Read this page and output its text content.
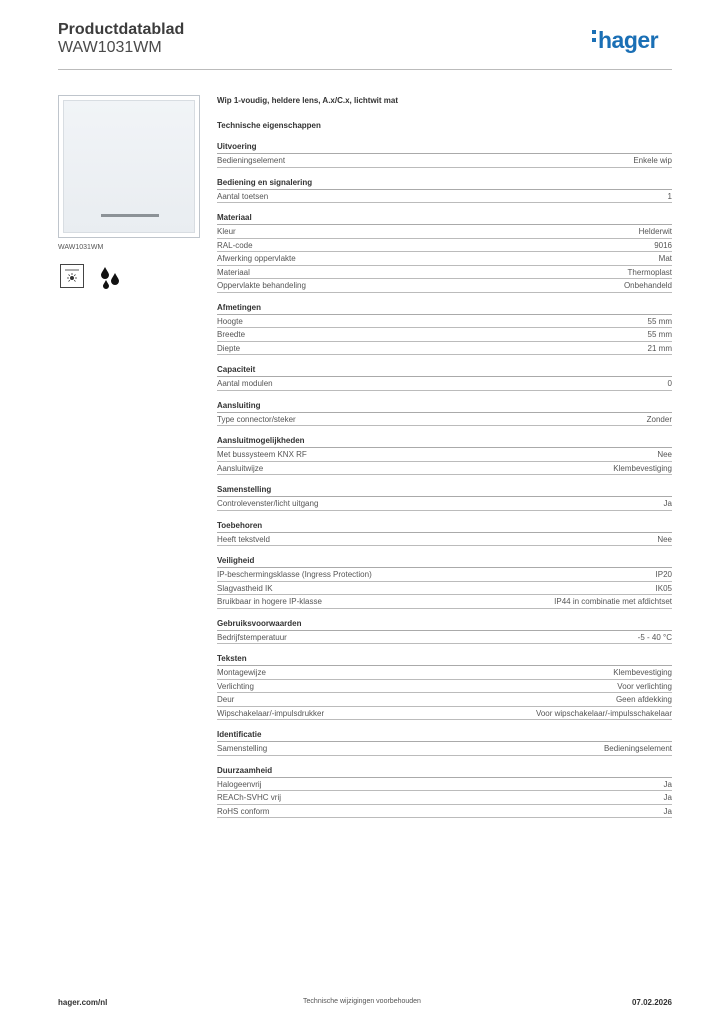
Productdatablad
WAW1031WM	hager
WAW1031WM
Wip 1-voudig, heldere lens, A.x/C.x, lichtwit mat
Technische eigenschappen
Uitvoering
Bedieningselement	Enkele wip
Bediening en signalering
Aantal toetsen	1
Materiaal
Kleur	Helderwit
RAL-code	9016
Afwerking oppervlakte	Mat
Materiaal	Thermoplast
Oppervlakte behandeling	Onbehandeld
Afmetingen
Hoogte	55 mm
Breedte	55 mm
Diepte	21 mm
Capaciteit
Aantal modulen	0
Aansluiting
Type connector/steker	Zonder
Aansluitmogelijkheden
Met bussysteem KNX RF	Nee
Aansluitwijze	Klembevestiging
Samenstelling
Controlevenster/licht uitgang	Ja
Toebehoren
Heeft tekstveld	Nee
Veiligheid
IP-beschermingsklasse (Ingress Protection)	IP20
Slagvastheid IK	IK05
Bruikbaar in hogere IP-klasse	IP44 in combinatie met afdichtset
Gebruiksvoorwaarden
Bedrijfstemperatuur	-5 - 40 °C
Teksten
Montagewijze	Klembevestiging
Verlichting	Voor verlichting
Deur	Geen afdekking
Wipschakelaar/-impulsdrukker	Voor wipschakelaar/-impulsschakelaar
Identificatie
Samenstelling	Bedieningselement
Duurzaamheid
Halogeenvrij	Ja
REACh-SVHC vrij	Ja
RoHS conform	Ja
hager.com/nl	Technische wijzigingen voorbehouden	07.02.2026
